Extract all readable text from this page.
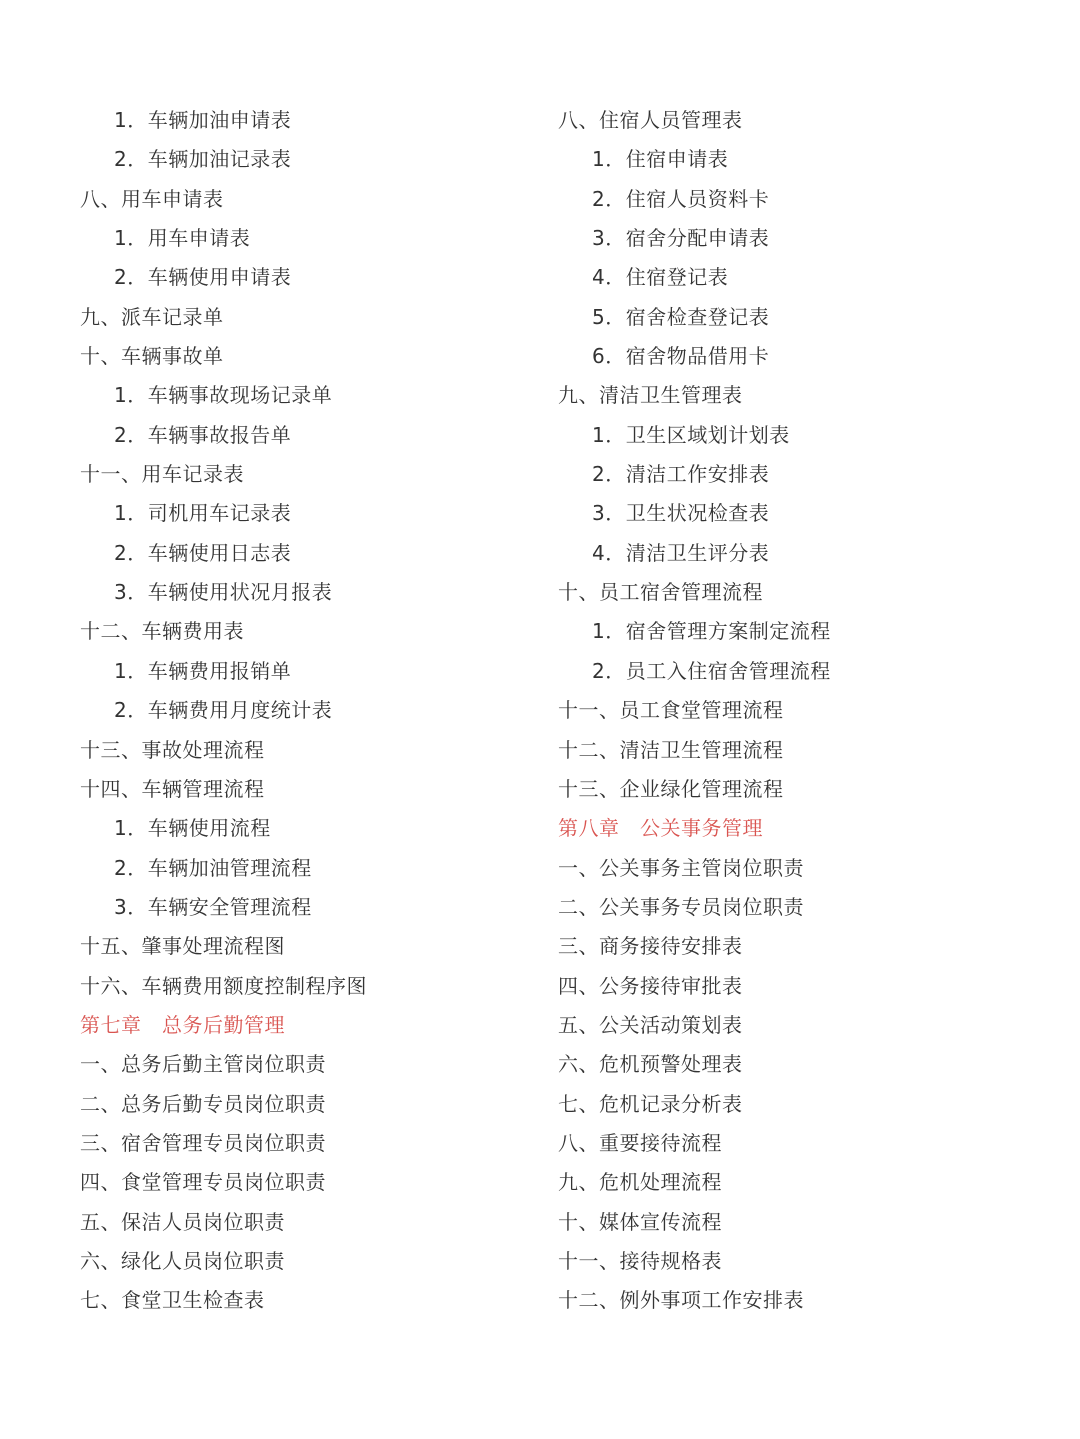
1．车辆加油申请表
2．车辆加油记录表
八、用车申请表
1．用车申请表
2．车辆使用申请表
九、派车记录单
十、车辆事故单
1．车辆事故现场记录单
2．车辆事故报告单
十一、用车记录表
1．司机用车记录表
2．车辆使用日志表
3．车辆使用状况月报表
十二、车辆费用表
1．车辆费用报销单
2．车辆费用月度统计表
十三、事故处理流程
十四、车辆管理流程
1．车辆使用流程
2．车辆加油管理流程
3．车辆安全管理流程
十五、肇事处理流程图
十六、车辆费用额度控制程序图
第七章　总务后勤管理
一、总务后勤主管岗位职责
二、总务后勤专员岗位职责
三、宿舍管理专员岗位职责
四、食堂管理专员岗位职责
五、保洁人员岗位职责
六、绿化人员岗位职责
七、食堂卫生检查表
八、住宿人员管理表
1．住宿申请表
2．住宿人员资料卡
3．宿舍分配申请表
4．住宿登记表
5．宿舍检查登记表
6．宿舍物品借用卡
九、清洁卫生管理表
1．卫生区域划计划表
2．清洁工作安排表
3．卫生状况检查表
4．清洁卫生评分表
十、员工宿舍管理流程
1．宿舍管理方案制定流程
2．员工入住宿舍管理流程
十一、员工食堂管理流程
十二、清洁卫生管理流程
十三、企业绿化管理流程
第八章　公关事务管理
一、公关事务主管岗位职责
二、公关事务专员岗位职责
三、商务接待安排表
四、公务接待审批表
五、公关活动策划表
六、危机预警处理表
七、危机记录分析表
八、重要接待流程
九、危机处理流程
十、媒体宣传流程
十一、接待规格表
十二、例外事项工作安排表
